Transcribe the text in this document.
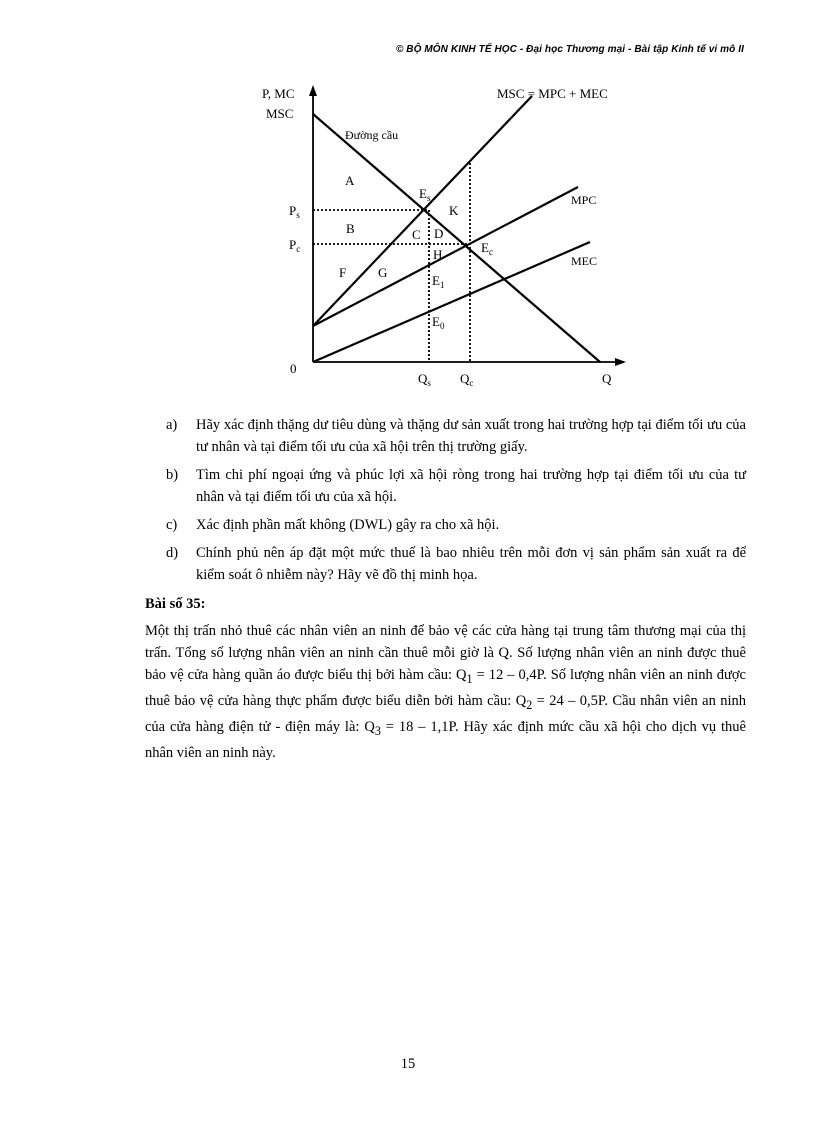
© BỘ MÔN KINH TẾ HỌC - Đại học Thương mại - Bài tập Kinh tế vi mô II
P, MC
MSC
MSC = MPC + MEC
Đường cầu
MPC
MEC
0
Q
$P_s$
$P_c$
$Q_s$ $Q_c$
$E_s$
$E_c$
$E_1$
$E_0$
A
B	C D
K
H
F G
a) Hãy xác định thặng dư tiêu dùng và thặng dư sản xuất trong hai trường hợp tại điểm tối ưu của tư nhân và tại điểm tối ưu của xã hội trên thị trường giấy.
b) Tìm chi phí ngoại ứng và phúc lợi xã hội ròng trong hai trường hợp tại điểm tối ưu của tư nhân và tại điểm tối ưu của xã hội.
c) Xác định phần mất không (DWL) gây ra cho xã hội.
d) Chính phủ nên áp đặt một mức thuế là bao nhiêu trên mỗi đơn vị sản phẩm sản xuất ra để kiểm soát ô nhiễm này? Hãy vẽ đồ thị minh họa.
Bài số 35:
Một thị trấn nhỏ thuê các nhân viên an ninh để bảo vệ các cửa hàng tại trung tâm thương mại của thị trấn. Tổng số lượng nhân viên an ninh cần thuê mỗi giờ là Q. Số lượng nhân viên an ninh được thuê bảo vệ cửa hàng quần áo được biểu thị bởi hàm cầu: $Q_1 = 12 - 0,4P$. Số lượng nhân viên an ninh được thuê bảo vệ cửa hàng thực phẩm được biểu diễn bởi hàm cầu: $Q_2 = 24 - 0,5P$. Cầu nhân viên an ninh của cửa hàng điện tử - điện máy là: $Q_3 = 18 - 1,1P$. Hãy xác định mức cầu xã hội cho dịch vụ thuê nhân viên an ninh này.
15
